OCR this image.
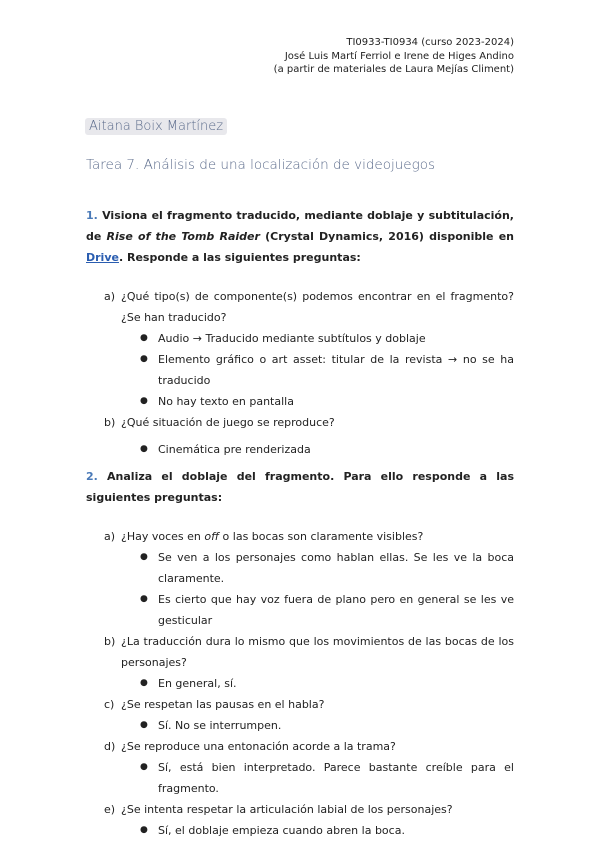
TI0933-TI0934 (curso 2023-2024)
José Luis Martí Ferriol e Irene de Higes Andino
(a partir de materiales de Laura Mejías Climent)
Aitana Boix Martínez
Tarea 7. Análisis de una localización de videojuegos

1. Visiona el fragmento traducido, mediante doblaje y subtitulación, de Rise of the Tomb Raider (Crystal Dynamics, 2016) disponible en Drive. Responde a las siguientes preguntas:

a) ¿Qué tipo(s) de componente(s) podemos encontrar en el fragmento? ¿Se han traducido?
● Audio → Traducido mediante subtítulos y doblaje
● Elemento gráfico o art asset: titular de la revista → no se ha traducido
● No hay texto en pantalla
b) ¿Qué situación de juego se reproduce?
● Cinemática pre renderizada

2. Analiza el doblaje del fragmento. Para ello responde a las siguientes preguntas:

a) ¿Hay voces en off o las bocas son claramente visibles?
● Se ven a los personajes como hablan ellas. Se les ve la boca claramente.
● Es cierto que hay voz fuera de plano pero en general se les ve gesticular
b) ¿La traducción dura lo mismo que los movimientos de las bocas de los personajes?
● En general, sí.
c) ¿Se respetan las pausas en el habla?
● Sí. No se interrumpen.
d) ¿Se reproduce una entonación acorde a la trama?
● Sí, está bien interpretado. Parece bastante creíble para el fragmento.
e) ¿Se intenta respetar la articulación labial de los personajes?
● Sí, el doblaje empieza cuando abren la boca.
